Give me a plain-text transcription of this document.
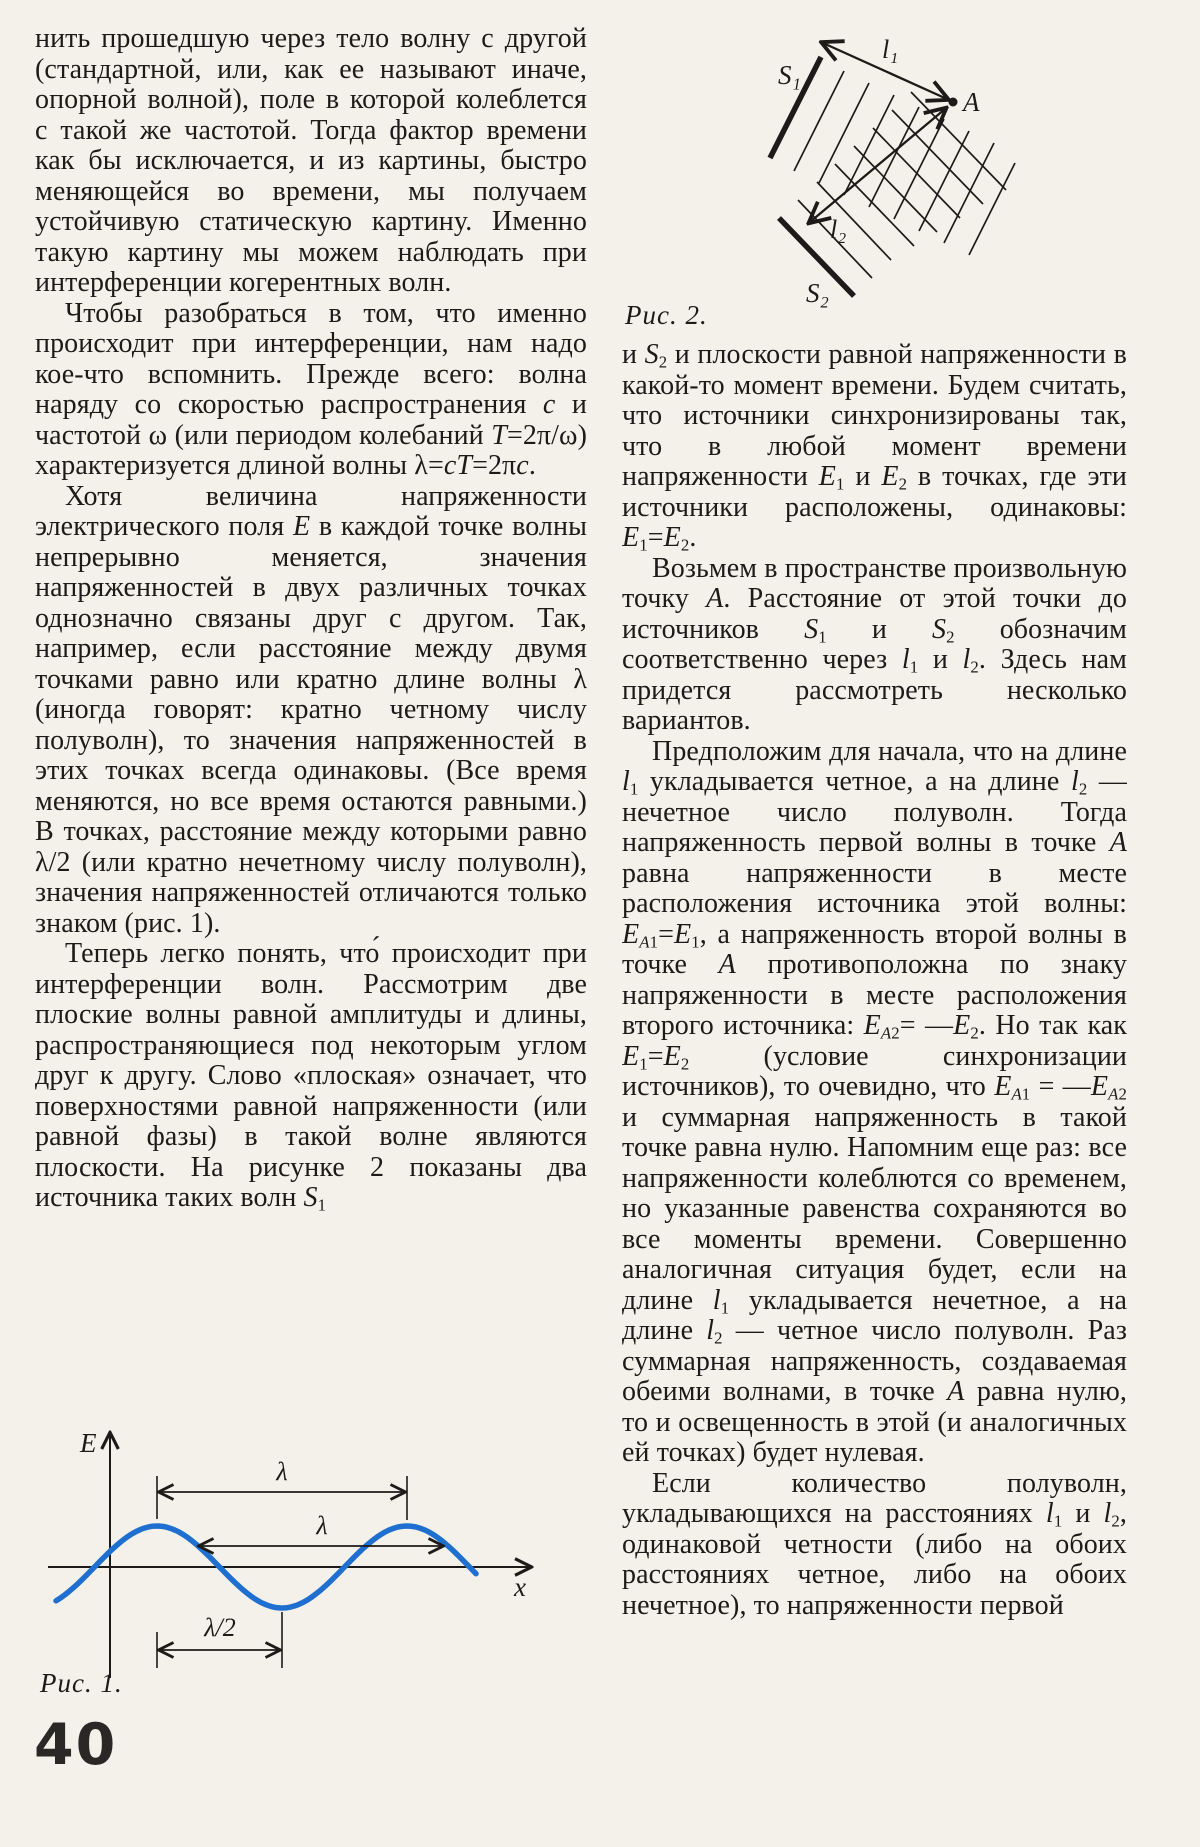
нить прошедшую через тело волну с другой (стандартной, или, как ее называют иначе, опорной волной), поле в которой колеблется с такой же частотой. Тогда фактор времени как бы исключается, и из картины, быстро меняющейся во времени, мы получаем устойчивую статическую картину. Именно такую картину мы можем наблюдать при интерференции когерентных волн.

Чтобы разобраться в том, что именно происходит при интерференции, нам надо кое-что вспомнить. Прежде всего: волна наряду со скоростью распространения c и частотой ω (или периодом колебаний T=2π/ω) характеризуется длиной волны λ=cT=2πc.

Хотя величина напряженности электрического поля E в каждой точке волны непрерывно меняется, значения напряженностей в двух различных точках однозначно связаны друг с другом. Так, например, если расстояние между двумя точками равно или кратно длине волны λ (иногда говорят: кратно четному числу полуволн), то значения напряженностей в этих точках всегда одинаковы. (Все время меняются, но все время остаются равными.) В точках, расстояние между которыми равно λ/2 (или кратно нечетному числу полуволн), значения напряженностей отличаются только знаком (рис. 1).

Теперь легко понять, что́ происходит при интерференции волн. Рассмотрим две плоские волны равной амплитуды и длины, распространяющиеся под некоторым углом друг к другу. Слово «плоская» означает, что поверхностями равной напряженности (или равной фазы) в такой волне являются плоскости. На рисунке 2 показаны два источника таких волн $S_1$

S₁
S₂
l₁
l₂
A
Рис. 2.

и $S_2$ и плоскости равной напряженности в какой-то момент времени. Будем считать, что источники синхронизированы так, что в любой момент времени напряженности $E_1$ и $E_2$ в точках, где эти источники расположены, одинаковы: $E_1=E_2$.

Возьмем в пространстве произвольную точку A. Расстояние от этой точки до источников $S_1$ и $S_2$ обозначим соответственно через $l_1$ и $l_2$. Здесь нам придется рассмотреть несколько вариантов.

Предположим для начала, что на длине $l_1$ укладывается четное, а на длине $l_2$ — нечетное число полуволн. Тогда напряженность первой волны в точке A равна напряженности в месте расположения источника этой волны: $E_{A1}=E_1$, а напряженность второй волны в точке A противоположна по знаку напряженности в месте расположения второго источника: $E_{A2}=$ $—E_2$. Но так как $E_1=E_2$ (условие синхронизации источников), то очевидно, что $E_{A1}$ = $—E_{A2}$ и суммарная напряженность в такой точке равна нулю. Напомним еще раз: все напряженности колеблются со временем, но указанные равенства сохраняются во все моменты времени. Совершенно аналогичная ситуация будет, если на длине $l_1$ укладывается нечетное, а на длине $l_2$ — четное число полуволн. Раз суммарная напряженность, создаваемая обеими волнами, в точке A равна нулю, то и освещенность в этой (и аналогичных ей точках) будет нулевая.

Если количество полуволн, укладывающихся на расстояниях $l_1$ и $l_2$, одинаковой четности (либо на обоих расстояниях четное, либо на обоих нечетное), то напряженности первой

E
x
λ
λ
λ/2
Рис. 1.
40
